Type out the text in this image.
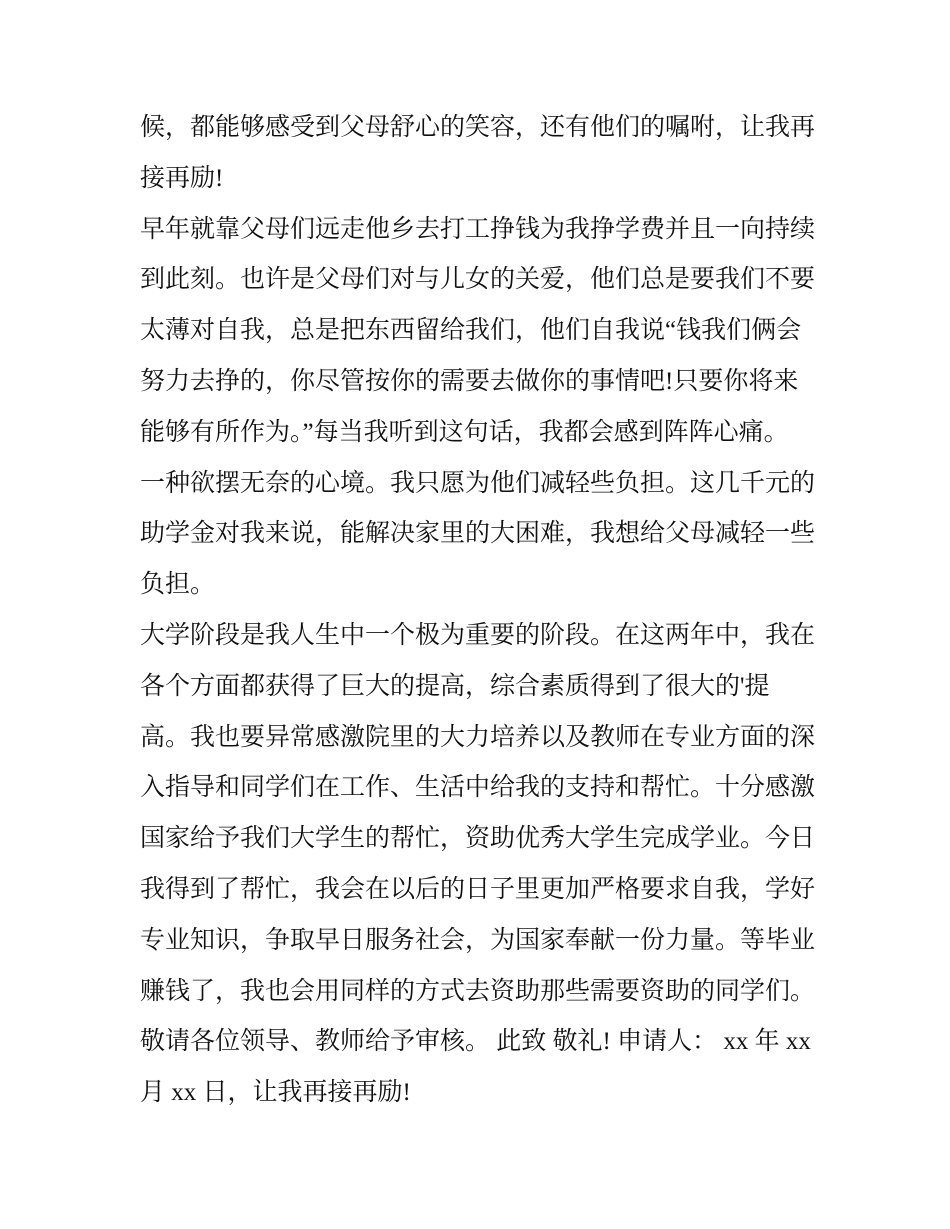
候，都能够感受到父母舒心的笑容，还有他们的嘱咐，让我再
接再励!
早年就靠父母们远走他乡去打工挣钱为我挣学费并且一向持续
到此刻。也许是父母们对与儿女的关爱，他们总是要我们不要
太薄对自我，总是把东西留给我们，他们自我说“钱我们俩会
努力去挣的，你尽管按你的需要去做你的事情吧!只要你将来
能够有所作为。”每当我听到这句话，我都会感到阵阵心痛。
一种欲摆无奈的心境。我只愿为他们减轻些负担。这几千元的
助学金对我来说，能解决家里的大困难，我想给父母减轻一些
负担。
大学阶段是我人生中一个极为重要的阶段。在这两年中，我在
各个方面都获得了巨大的提高，综合素质得到了很大的'提
高。我也要异常感激院里的大力培养以及教师在专业方面的深
入指导和同学们在工作、生活中给我的支持和帮忙。十分感激
国家给予我们大学生的帮忙，资助优秀大学生完成学业。今日
我得到了帮忙，我会在以后的日子里更加严格要求自我，学好
专业知识，争取早日服务社会，为国家奉献一份力量。等毕业
赚钱了，我也会用同样的方式去资助那些需要资助的同学们。
敬请各位领导、教师给予审核。 此致 敬礼! 申请人： xx 年 xx
月 xx 日，让我再接再励!
